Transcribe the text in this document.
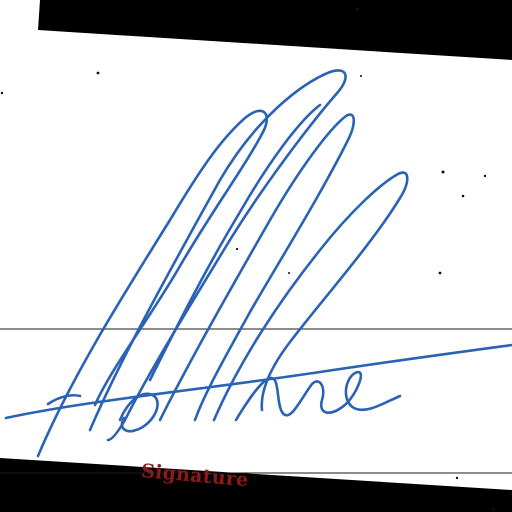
Signature
